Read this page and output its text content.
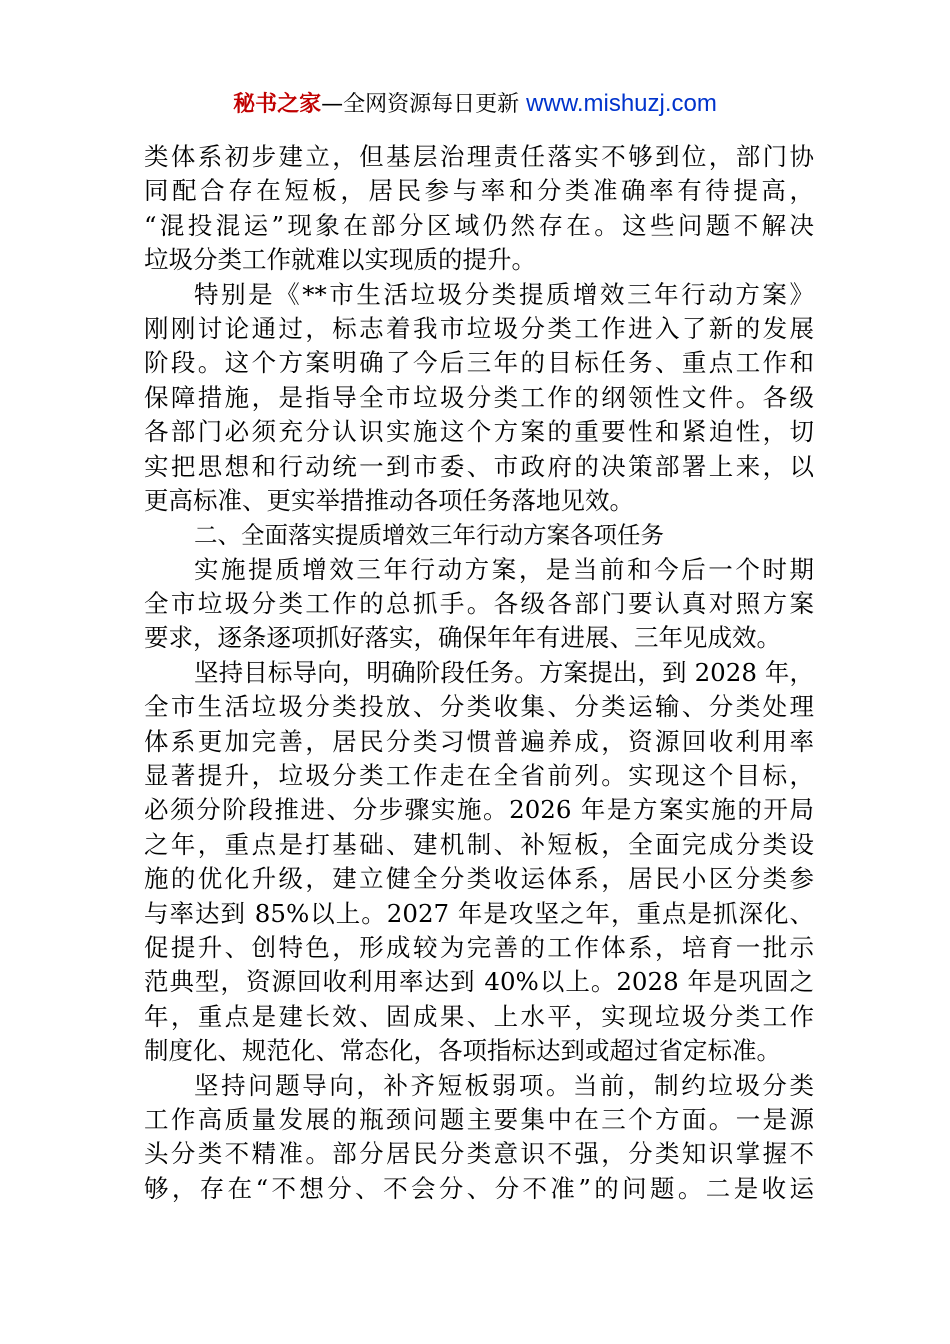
秘书之家—全网资源每日更新 www.mishuzj.com
类体系初步建立，但基层治理责任落实不够到位，部门协
同配合存在短板，居民参与率和分类准确率有待提高，
“混投混运”现象在部分区域仍然存在。这些问题不解决
垃圾分类工作就难以实现质的提升。
特别是《**市生活垃圾分类提质增效三年行动方案》
刚刚讨论通过，标志着我市垃圾分类工作进入了新的发展
阶段。这个方案明确了今后三年的目标任务、重点工作和
保障措施，是指导全市垃圾分类工作的纲领性文件。各级
各部门必须充分认识实施这个方案的重要性和紧迫性，切
实把思想和行动统一到市委、市政府的决策部署上来，以
更高标准、更实举措推动各项任务落地见效。
二、全面落实提质增效三年行动方案各项任务
实施提质增效三年行动方案，是当前和今后一个时期
全市垃圾分类工作的总抓手。各级各部门要认真对照方案
要求，逐条逐项抓好落实，确保年年有进展、三年见成效。
坚持目标导向，明确阶段任务。方案提出，到 2028 年，
全市生活垃圾分类投放、分类收集、分类运输、分类处理
体系更加完善，居民分类习惯普遍养成，资源回收利用率
显著提升，垃圾分类工作走在全省前列。实现这个目标，
必须分阶段推进、分步骤实施。2026 年是方案实施的开局
之年，重点是打基础、建机制、补短板，全面完成分类设
施的优化升级，建立健全分类收运体系，居民小区分类参
与率达到 85%以上。2027 年是攻坚之年，重点是抓深化、
促提升、创特色，形成较为完善的工作体系，培育一批示
范典型，资源回收利用率达到 40%以上。2028 年是巩固之
年，重点是建长效、固成果、上水平，实现垃圾分类工作
制度化、规范化、常态化，各项指标达到或超过省定标准。
坚持问题导向，补齐短板弱项。当前，制约垃圾分类
工作高质量发展的瓶颈问题主要集中在三个方面。一是源
头分类不精准。部分居民分类意识不强，分类知识掌握不
够，存在“不想分、不会分、分不准”的问题。二是收运
